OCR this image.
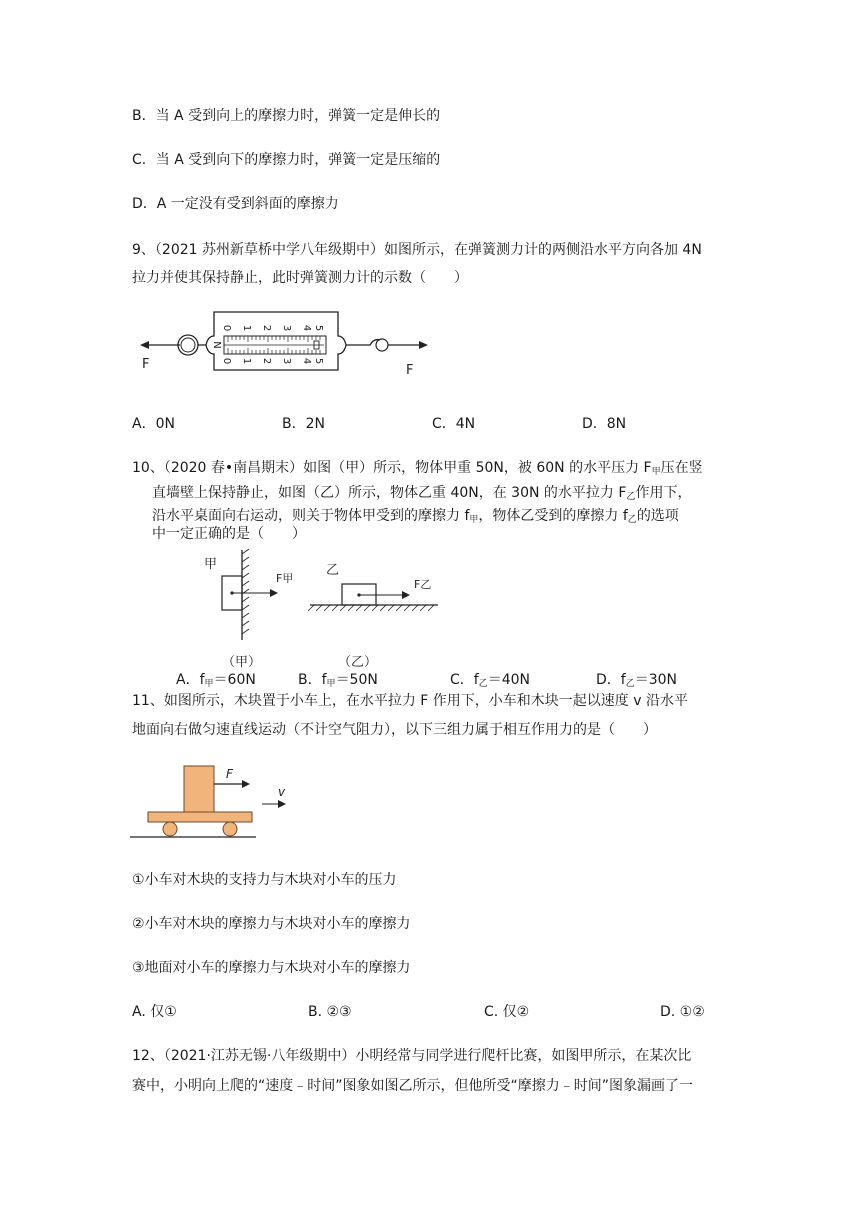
B．当 A 受到向上的摩擦力时，弹簧一定是伸长的
C．当 A 受到向下的摩擦力时，弹簧一定是压缩的
D．A 一定没有受到斜面的摩擦力
9、（2021 苏州新草桥中学八年级期中）如图所示，在弹簧测力计的两侧沿水平方向各加 4N
拉力并使其保持静止，此时弹簧测力计的示数（　　）
0 1 2 3 4 5
0 1 2 3 4 5
N
F	F
A．0N	B．2N	C．4N	D．8N
10、（2020 春•南昌期末）如图（甲）所示，物体甲重 50N，被 60N 的水平压力 $F_甲$压在竖
直墙壁上保持静止，如图（乙）所示，物体乙重 40N，在 30N 的水平拉力 $F_乙$作用下，
沿水平桌面向右运动，则关于物体甲受到的摩擦力 $f_甲$，物体乙受到的摩擦力 $f_乙$的选项
中一定正确的是（　　）
甲
F甲
乙
F乙
（甲）	（乙）
A．$f_甲=60N$	B．$f_甲=50N$	C．$f_乙=40N$	D．$f_乙=30N$
11、如图所示，木块置于小车上，在水平拉力 F 作用下，小车和木块一起以速度 v 沿水平
地面向右做匀速直线运动（不计空气阻力），以下三组力属于相互作用力的是（　　）
F
v
①小车对木块的支持力与木块对小车的压力
②小车对木块的摩擦力与木块对小车的摩擦力
③地面对小车的摩擦力与木块对小车的摩擦力
A. 仅①	B. ②③	C. 仅②	D. ①②
12、（2021·江苏无锡·八年级期中）小明经常与同学进行爬杆比赛，如图甲所示，在某次比
赛中，小明向上爬的“速度﹣时间”图象如图乙所示，但他所受“摩擦力﹣时间”图象漏画了一
